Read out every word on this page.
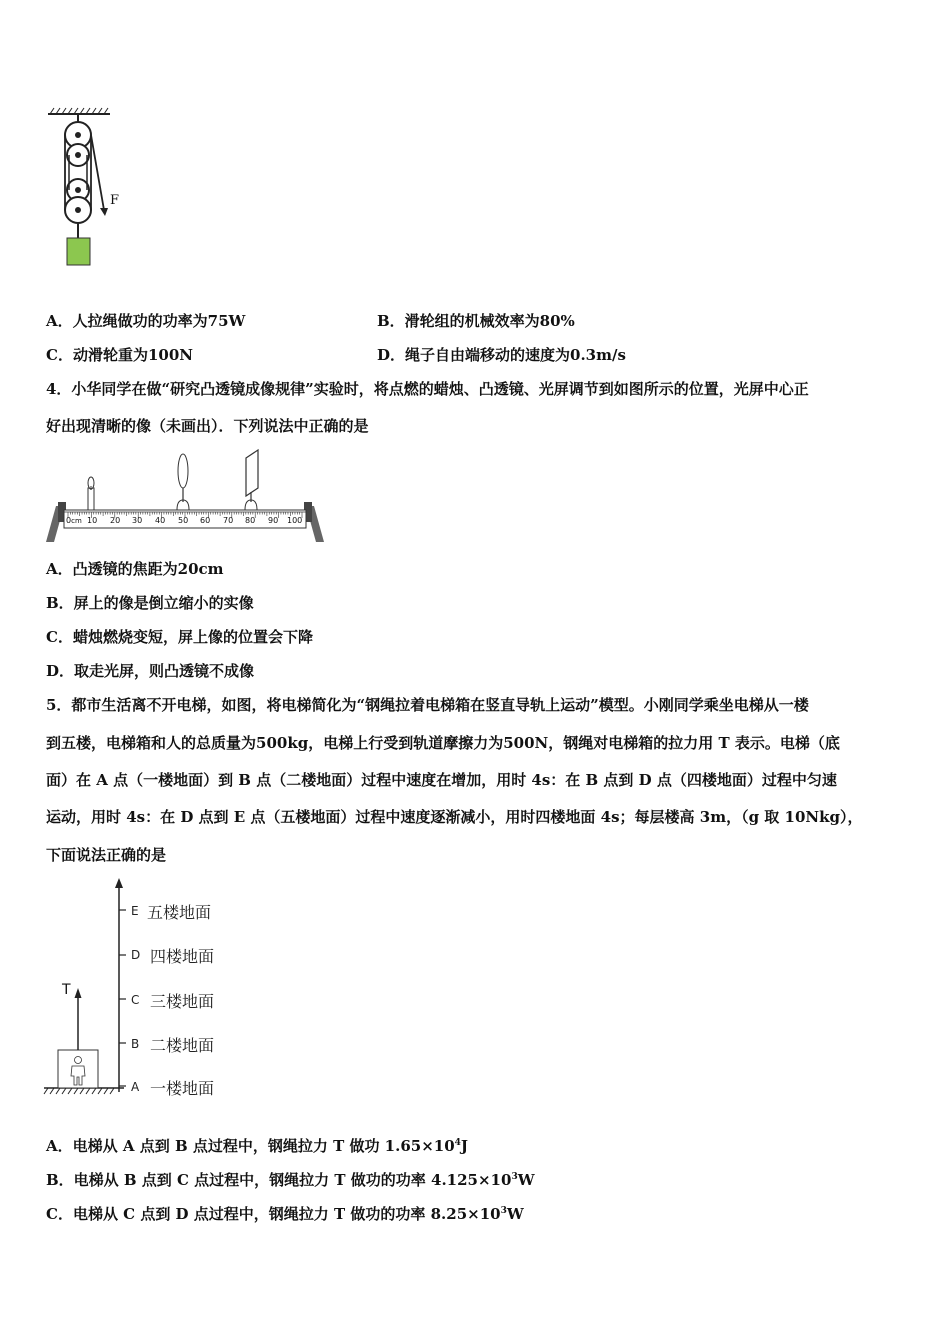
F
A．人拉绳做功的功率为75W	B．滑轮组的机械效率为80%
C．动滑轮重为100N	D．绳子自由端移动的速度为0.3m/s
4．小华同学在做“研究凸透镜成像规律”实验时，将点燃的蜡烛、凸透镜、光屏调节到如图所示的位置，光屏中心正
好出现清晰的像（未画出）．下列说法中正确的是
0cm 10 20 30 40 50 60 70 80 90 100
A．凸透镜的焦距为20cm
B．屏上的像是倒立缩小的实像
C．蜡烛燃烧变短，屏上像的位置会下降
D．取走光屏，则凸透镜不成像
5．都市生活离不开电梯，如图，将电梯简化为“钢绳拉着电梯箱在竖直导轨上运动”模型。小刚同学乘坐电梯从一楼
到五楼，电梯箱和人的总质量为500kg，电梯上行受到轨道摩擦力为500N，钢绳对电梯箱的拉力用 T 表示。电梯（底
面）在 A 点（一楼地面）到 B 点（二楼地面）过程中速度在增加，用时 4s：在 B 点到 D 点（四楼地面）过程中匀速
运动，用时 4s：在 D 点到 E 点（五楼地面）过程中速度逐渐减小，用时四楼地面 4s；每层楼高 3m，（g 取 10Nkg），
下面说法正确的是
T
E 五楼地面
D 四楼地面
C 三楼地面
B 二楼地面
A 一楼地面
A．电梯从 A 点到 B 点过程中，钢绳拉力 T 做功 $1.65\times 10^4J$
B．电梯从 B 点到 C 点过程中，钢绳拉力 T 做功的功率 $4.125\times 10^3W$
C．电梯从 C 点到 D 点过程中，钢绳拉力 T 做功的功率 $8.25\times 10^3W$
